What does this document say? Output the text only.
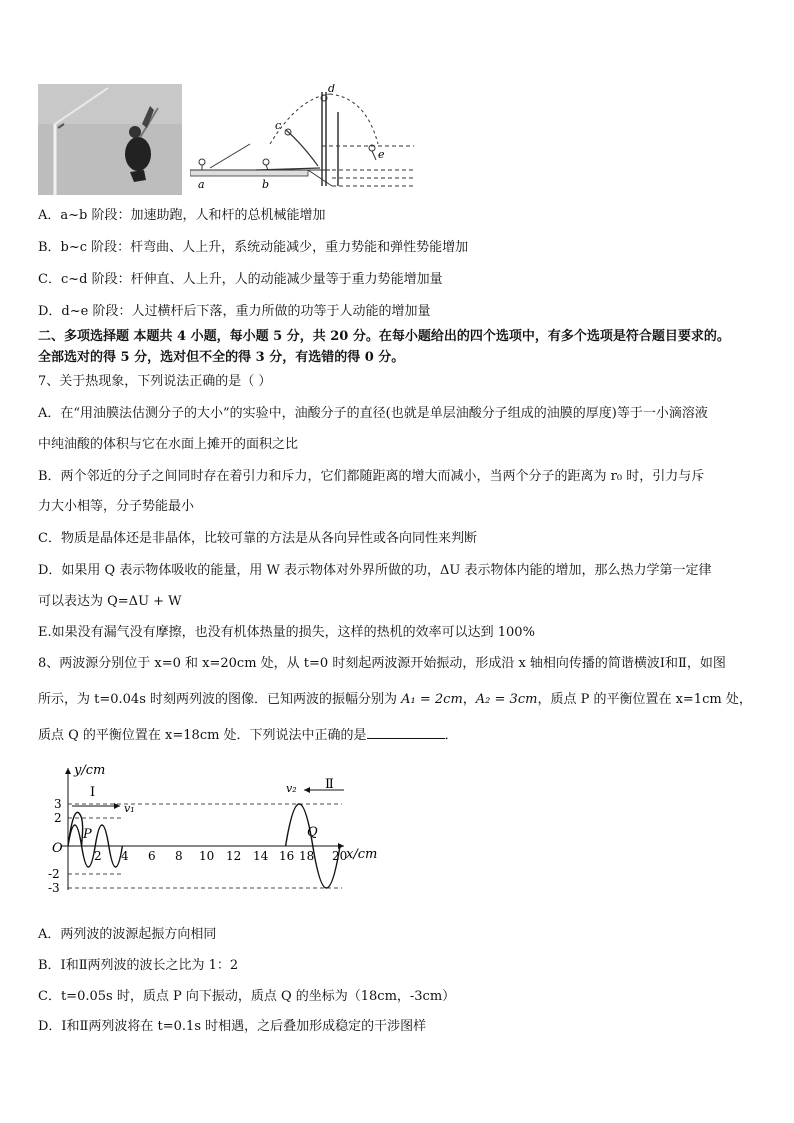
a	b
c
d
e
A．a~b 阶段：加速助跑，人和杆的总机械能增加
B．b~c 阶段：杆弯曲、人上升，系统动能减少，重力势能和弹性势能增加
C．c~d 阶段：杆伸直、人上升，人的动能减少量等于重力势能增加量
D．d~e 阶段：人过横杆后下落，重力所做的功等于人动能的增加量
二、多项选择题 本题共 4 小题，每小题 5 分，共 20 分。在每小题给出的四个选项中，有多个选项是符合题目要求的。
全部选对的得 5 分，选对但不全的得 3 分，有选错的得 0 分。
7、关于热现象，下列说法正确的是（ ）
A．在“用油膜法估测分子的大小”的实验中，油酸分子的直径(也就是单层油酸分子组成的油膜的厚度)等于一小滴溶液
中纯油酸的体积与它在水面上摊开的面积之比
B．两个邻近的分子之间同时存在着引力和斥力，它们都随距离的增大而减小，当两个分子的距离为 r₀ 时，引力与斥
力大小相等，分子势能最小
C．物质是晶体还是非晶体，比较可靠的方法是从各向异性或各向同性来判断
D．如果用 Q 表示物体吸收的能量，用 W 表示物体对外界所做的功，ΔU 表示物体内能的增加，那么热力学第一定律
可以表达为 Q=ΔU + W
E.如果没有漏气没有摩擦，也没有机体热量的损失，这样的热机的效率可以达到 100%
8、两波源分别位于 x=0 和 x=20cm 处，从 t=0 时刻起两波源开始振动，形成沿 x 轴相向传播的简谐横波Ⅰ和Ⅱ，如图
所示，为 t=0.04s 时刻两列波的图像．已知两波的振幅分别为 A₁ = 2cm，A₂ = 3cm，质点 P 的平衡位置在 x=1cm 处，
质点 Q 的平衡位置在 x=18cm 处．下列说法中正确的是	．
y/cm
x/cm
O
Ⅰ
Ⅱ
v₁
v₂
P	Q
3
2
-2
-3
2 4 6 8 10 12 14 16 18 20
A．两列波的波源起振方向相同
B．Ⅰ和Ⅱ两列波的波长之比为 1：2
C．t=0.05s 时，质点 P 向下振动，质点 Q 的坐标为（18cm，-3cm）
D．Ⅰ和Ⅱ两列波将在 t=0.1s 时相遇，之后叠加形成稳定的干涉图样
